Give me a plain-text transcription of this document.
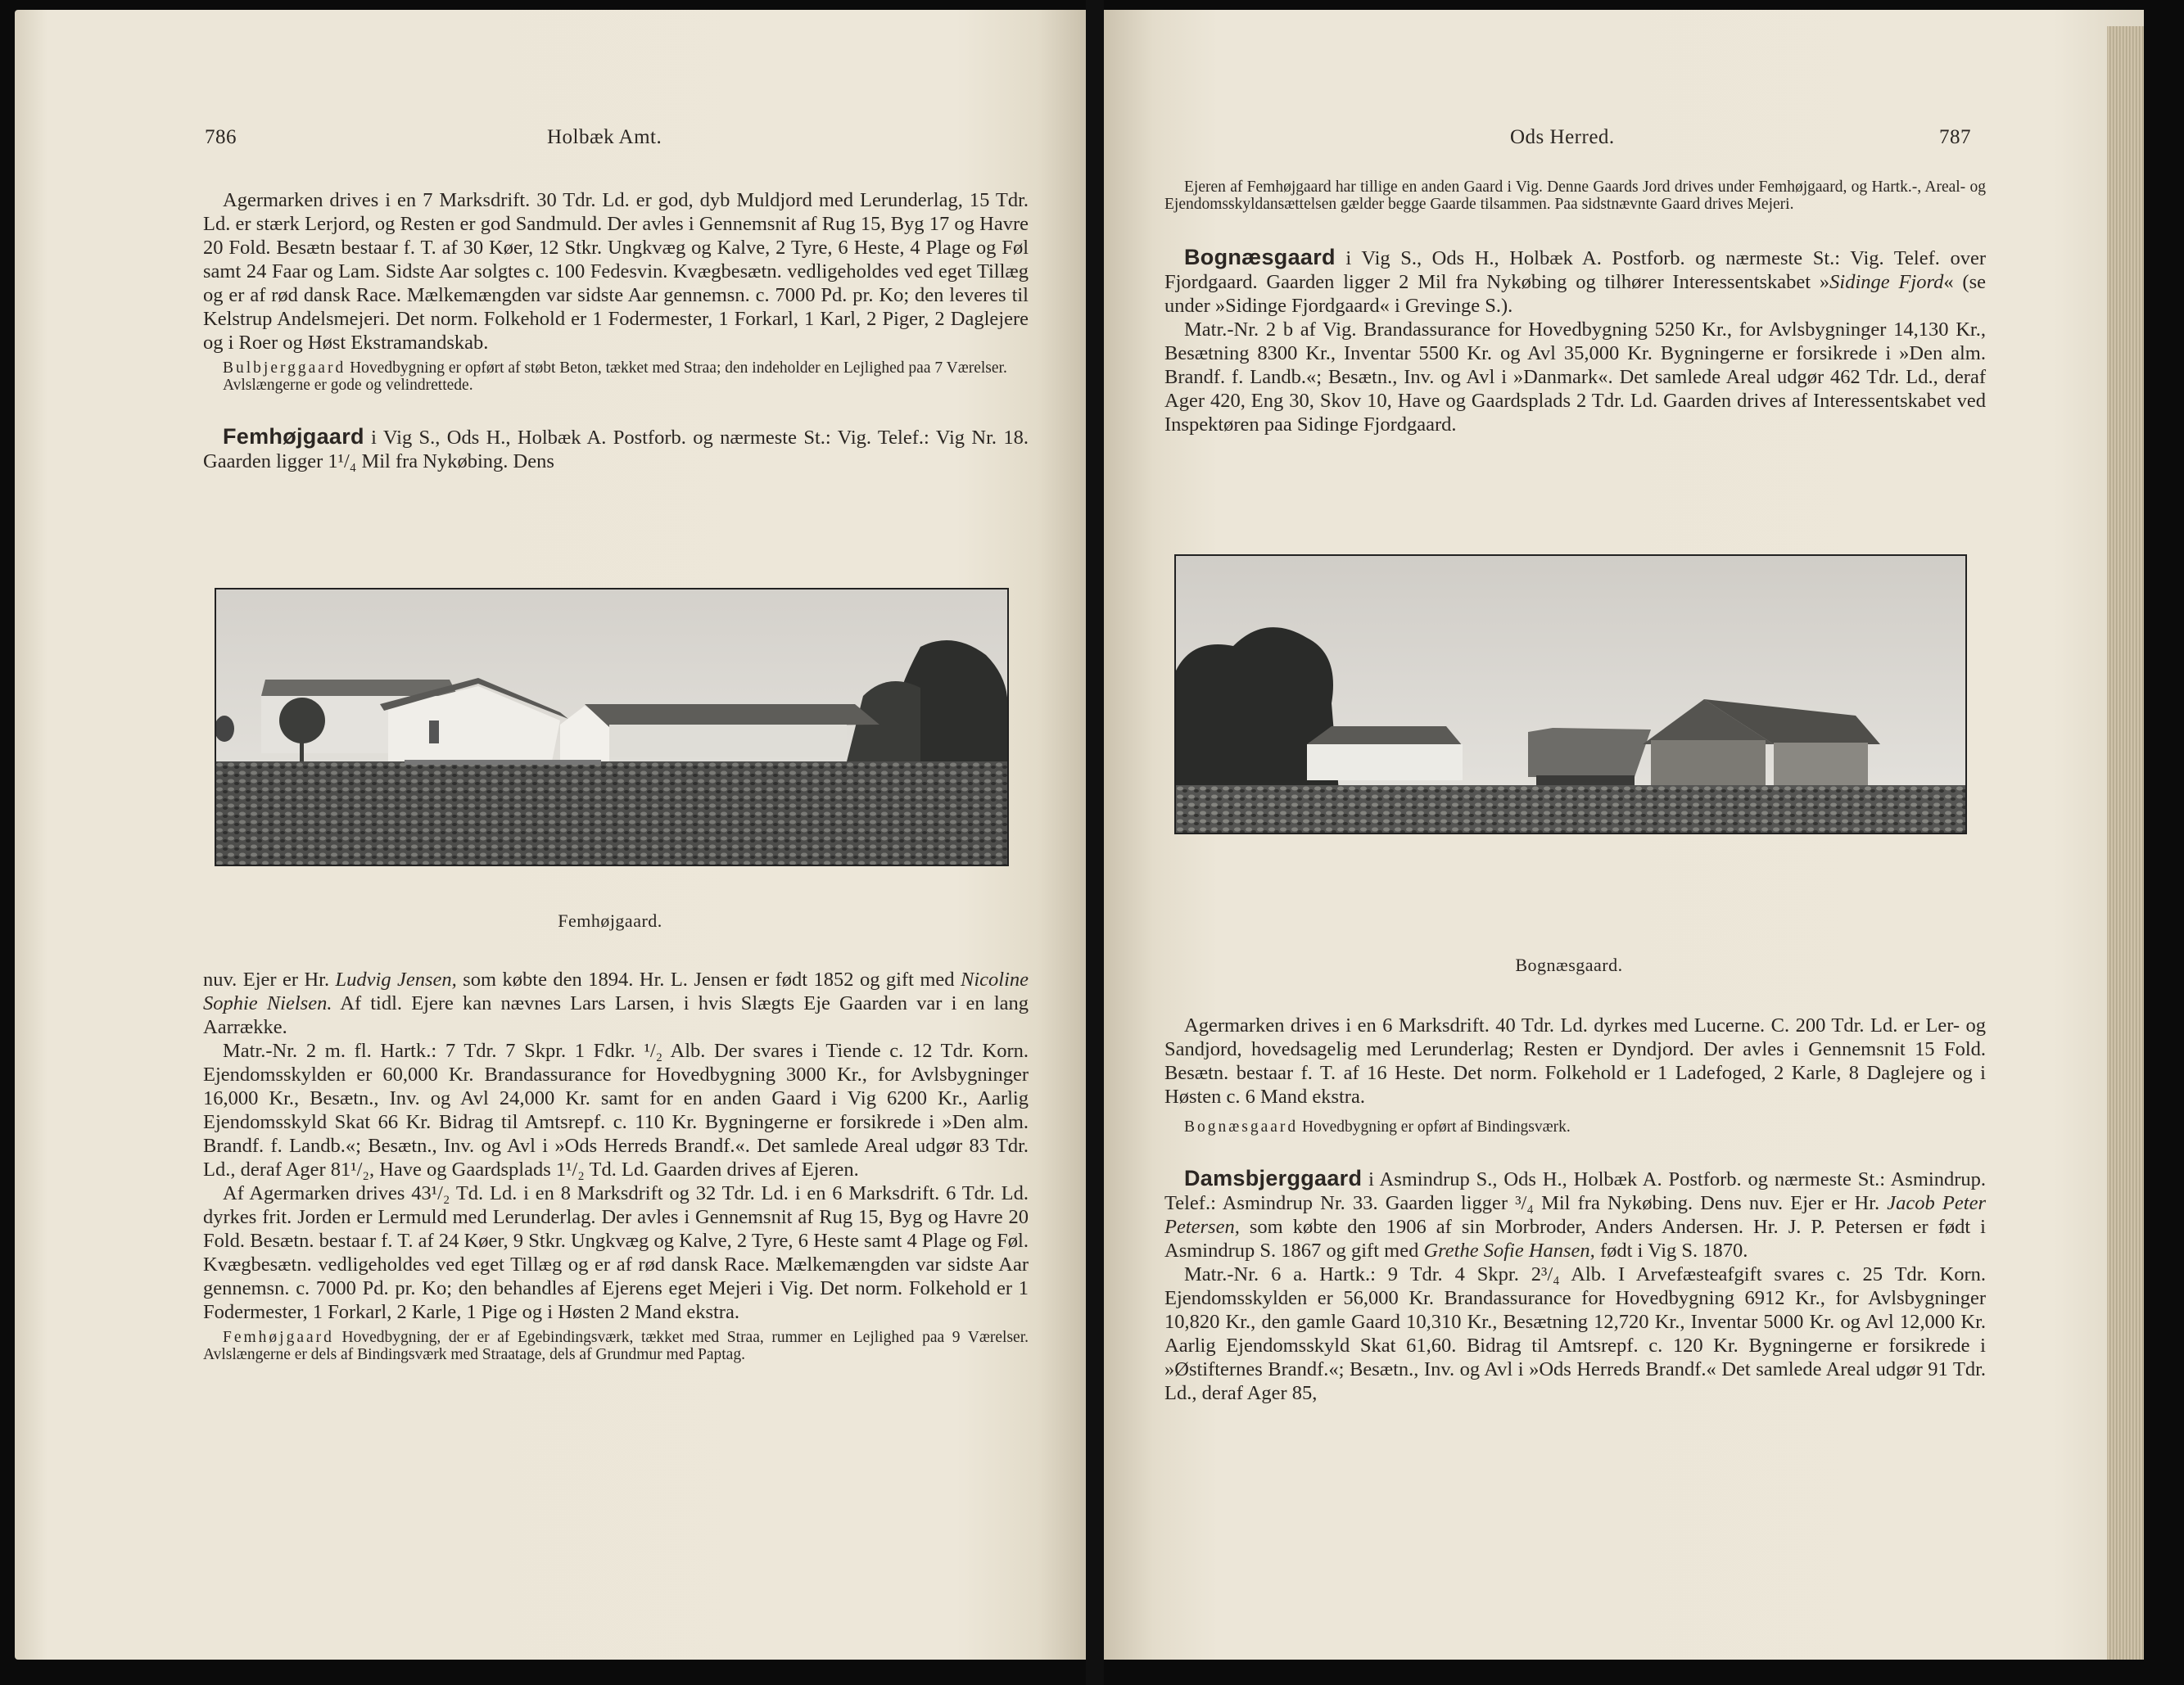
786	Holbæk Amt.

Agermarken drives i en 7 Marksdrift. 30 Tdr. Ld. er god, dyb Muldjord med Lerunderlag, 15 Tdr. Ld. er stærk Lerjord, og Resten er god Sandmuld. Der avles i Gennemsnit af Rug 15, Byg 17 og Havre 20 Fold. Besætn bestaar f. T. af 30 Køer, 12 Stkr. Ungkvæg og Kalve, 2 Tyre, 6 Heste, 4 Plage og Føl samt 24 Faar og Lam. Sidste Aar solgtes c. 100 Fedesvin. Kvægbesætn. vedligeholdes ved eget Tillæg og er af rød dansk Race. Mælkemængden var sidste Aar gennemsn. c. 7000 Pd. pr. Ko; den leveres til Kelstrup Andelsmejeri. Det norm. Folkehold er 1 Fodermester, 1 Forkarl, 1 Karl, 2 Piger, 2 Daglejere og i Roer og Høst Ekstramandskab.

Bulbjerggaard Hovedbygning er opført af støbt Beton, tækket med Straa; den indeholder en Lejlighed paa 7 Værelser.

Avlslængerne er gode og velindrettede.

Femhøjgaard i Vig S., Ods H., Holbæk A. Postforb. og nærmeste St.: Vig. Telef.: Vig Nr. 18. Gaarden ligger 1¹/₄ Mil fra Nykøbing. Dens

Femhøjgaard.

nuv. Ejer er Hr. Ludvig Jensen, som købte den 1894. Hr. L. Jensen er født 1852 og gift med Nicoline Sophie Nielsen. Af tidl. Ejere kan nævnes Lars Larsen, i hvis Slægts Eje Gaarden var i en lang Aarrække.

Matr.-Nr. 2 m. fl. Hartk.: 7 Tdr. 7 Skpr. 1 Fdkr. ¹/₂ Alb. Der svares i Tiende c. 12 Tdr. Korn. Ejendomsskylden er 60,000 Kr. Brandassurance for Hovedbygning 3000 Kr., for Avlsbygninger 16,000 Kr., Besætn., Inv. og Avl 24,000 Kr. samt for en anden Gaard i Vig 6200 Kr., Aarlig Ejendomsskyld Skat 66 Kr. Bidrag til Amtsrepf. c. 110 Kr. Bygningerne er forsikrede i »Den alm. Brandf. f. Landb.«; Besætn., Inv. og Avl i »Ods Herreds Brandf.«. Det samlede Areal udgør 83 Tdr. Ld., deraf Ager 81¹/₂, Have og Gaardsplads 1¹/₂ Td. Ld. Gaarden drives af Ejeren.

Af Agermarken drives 43¹/₂ Td. Ld. i en 8 Marksdrift og 32 Tdr. Ld. i en 6 Marksdrift. 6 Tdr. Ld. dyrkes frit. Jorden er Lermuld med Lerunderlag. Der avles i Gennemsnit af Rug 15, Byg og Havre 20 Fold. Besætn. bestaar f. T. af 24 Køer, 9 Stkr. Ungkvæg og Kalve, 2 Tyre, 6 Heste samt 4 Plage og Føl. Kvægbesætn. vedligeholdes ved eget Tillæg og er af rød dansk Race. Mælkemængden var sidste Aar gennemsn. c. 7000 Pd. pr. Ko; den behandles af Ejerens eget Mejeri i Vig. Det norm. Folkehold er 1 Fodermester, 1 Forkarl, 2 Karle, 1 Pige og i Høsten 2 Mand ekstra.

Femhøjgaard Hovedbygning, der er af Egebindingsværk, tækket med Straa, rummer en Lejlighed paa 9 Værelser. Avlslængerne er dels af Bindingsværk med Straatage, dels af Grundmur med Paptag.

Ods Herred.	787

Ejeren af Femhøjgaard har tillige en anden Gaard i Vig. Denne Gaards Jord drives under Femhøjgaard, og Hartk.-, Areal- og Ejendomsskyldansættelsen gælder begge Gaarde tilsammen. Paa sidstnævnte Gaard drives Mejeri.

Bognæsgaard i Vig S., Ods H., Holbæk A. Postforb. og nærmeste St.: Vig. Telef. over Fjordgaard. Gaarden ligger 2 Mil fra Nykøbing og tilhører Interessentskabet »Sidinge Fjord« (se under »Sidinge Fjordgaard« i Grevinge S.).

Matr.-Nr. 2 b af Vig. Brandassurance for Hovedbygning 5250 Kr., for Avlsbygninger 14,130 Kr., Besætning 8300 Kr., Inventar 5500 Kr. og Avl 35,000 Kr. Bygningerne er forsikrede i »Den alm. Brandf. f. Landb.«; Besætn., Inv. og Avl i »Danmark«. Det samlede Areal udgør 462 Tdr. Ld., deraf Ager 420, Eng 30, Skov 10, Have og Gaardsplads 2 Tdr. Ld. Gaarden drives af Interessentskabet ved Inspektøren paa Sidinge Fjordgaard.

Bognæsgaard.

Agermarken drives i en 6 Marksdrift. 40 Tdr. Ld. dyrkes med Lucerne. C. 200 Tdr. Ld. er Ler- og Sandjord, hovedsagelig med Lerunderlag; Resten er Dyndjord. Der avles i Gennemsnit 15 Fold. Besætn. bestaar f. T. af 16 Heste. Det norm. Folkehold er 1 Ladefoged, 2 Karle, 8 Daglejere og i Høsten c. 6 Mand ekstra.

Bognæsgaard Hovedbygning er opført af Bindingsværk.

Damsbjerggaard i Asmindrup S., Ods H., Holbæk A. Postforb. og nærmeste St.: Asmindrup. Telef.: Asmindrup Nr. 33. Gaarden ligger ³/₄ Mil fra Nykøbing. Dens nuv. Ejer er Hr. Jacob Peter Petersen, som købte den 1906 af sin Morbroder, Anders Andersen. Hr. J. P. Petersen er født i Asmindrup S. 1867 og gift med Grethe Sofie Hansen, født i Vig S. 1870.

Matr.-Nr. 6 a. Hartk.: 9 Tdr. 4 Skpr. 2³/₄ Alb. I Arvefæsteafgift svares c. 25 Tdr. Korn. Ejendomsskylden er 56,000 Kr. Brandassurance for Hovedbygning 6912 Kr., for Avlsbygninger 10,820 Kr., den gamle Gaard 10,310 Kr., Besætning 12,720 Kr., Inventar 5000 Kr. og Avl 12,000 Kr. Aarlig Ejendomsskyld Skat 61,60. Bidrag til Amtsrepf. c. 120 Kr. Bygningerne er forsikrede i »Østifternes Brandf.«; Besætn., Inv. og Avl i »Ods Herreds Brandf.« Det samlede Areal udgør 91 Tdr. Ld., deraf Ager 85,
